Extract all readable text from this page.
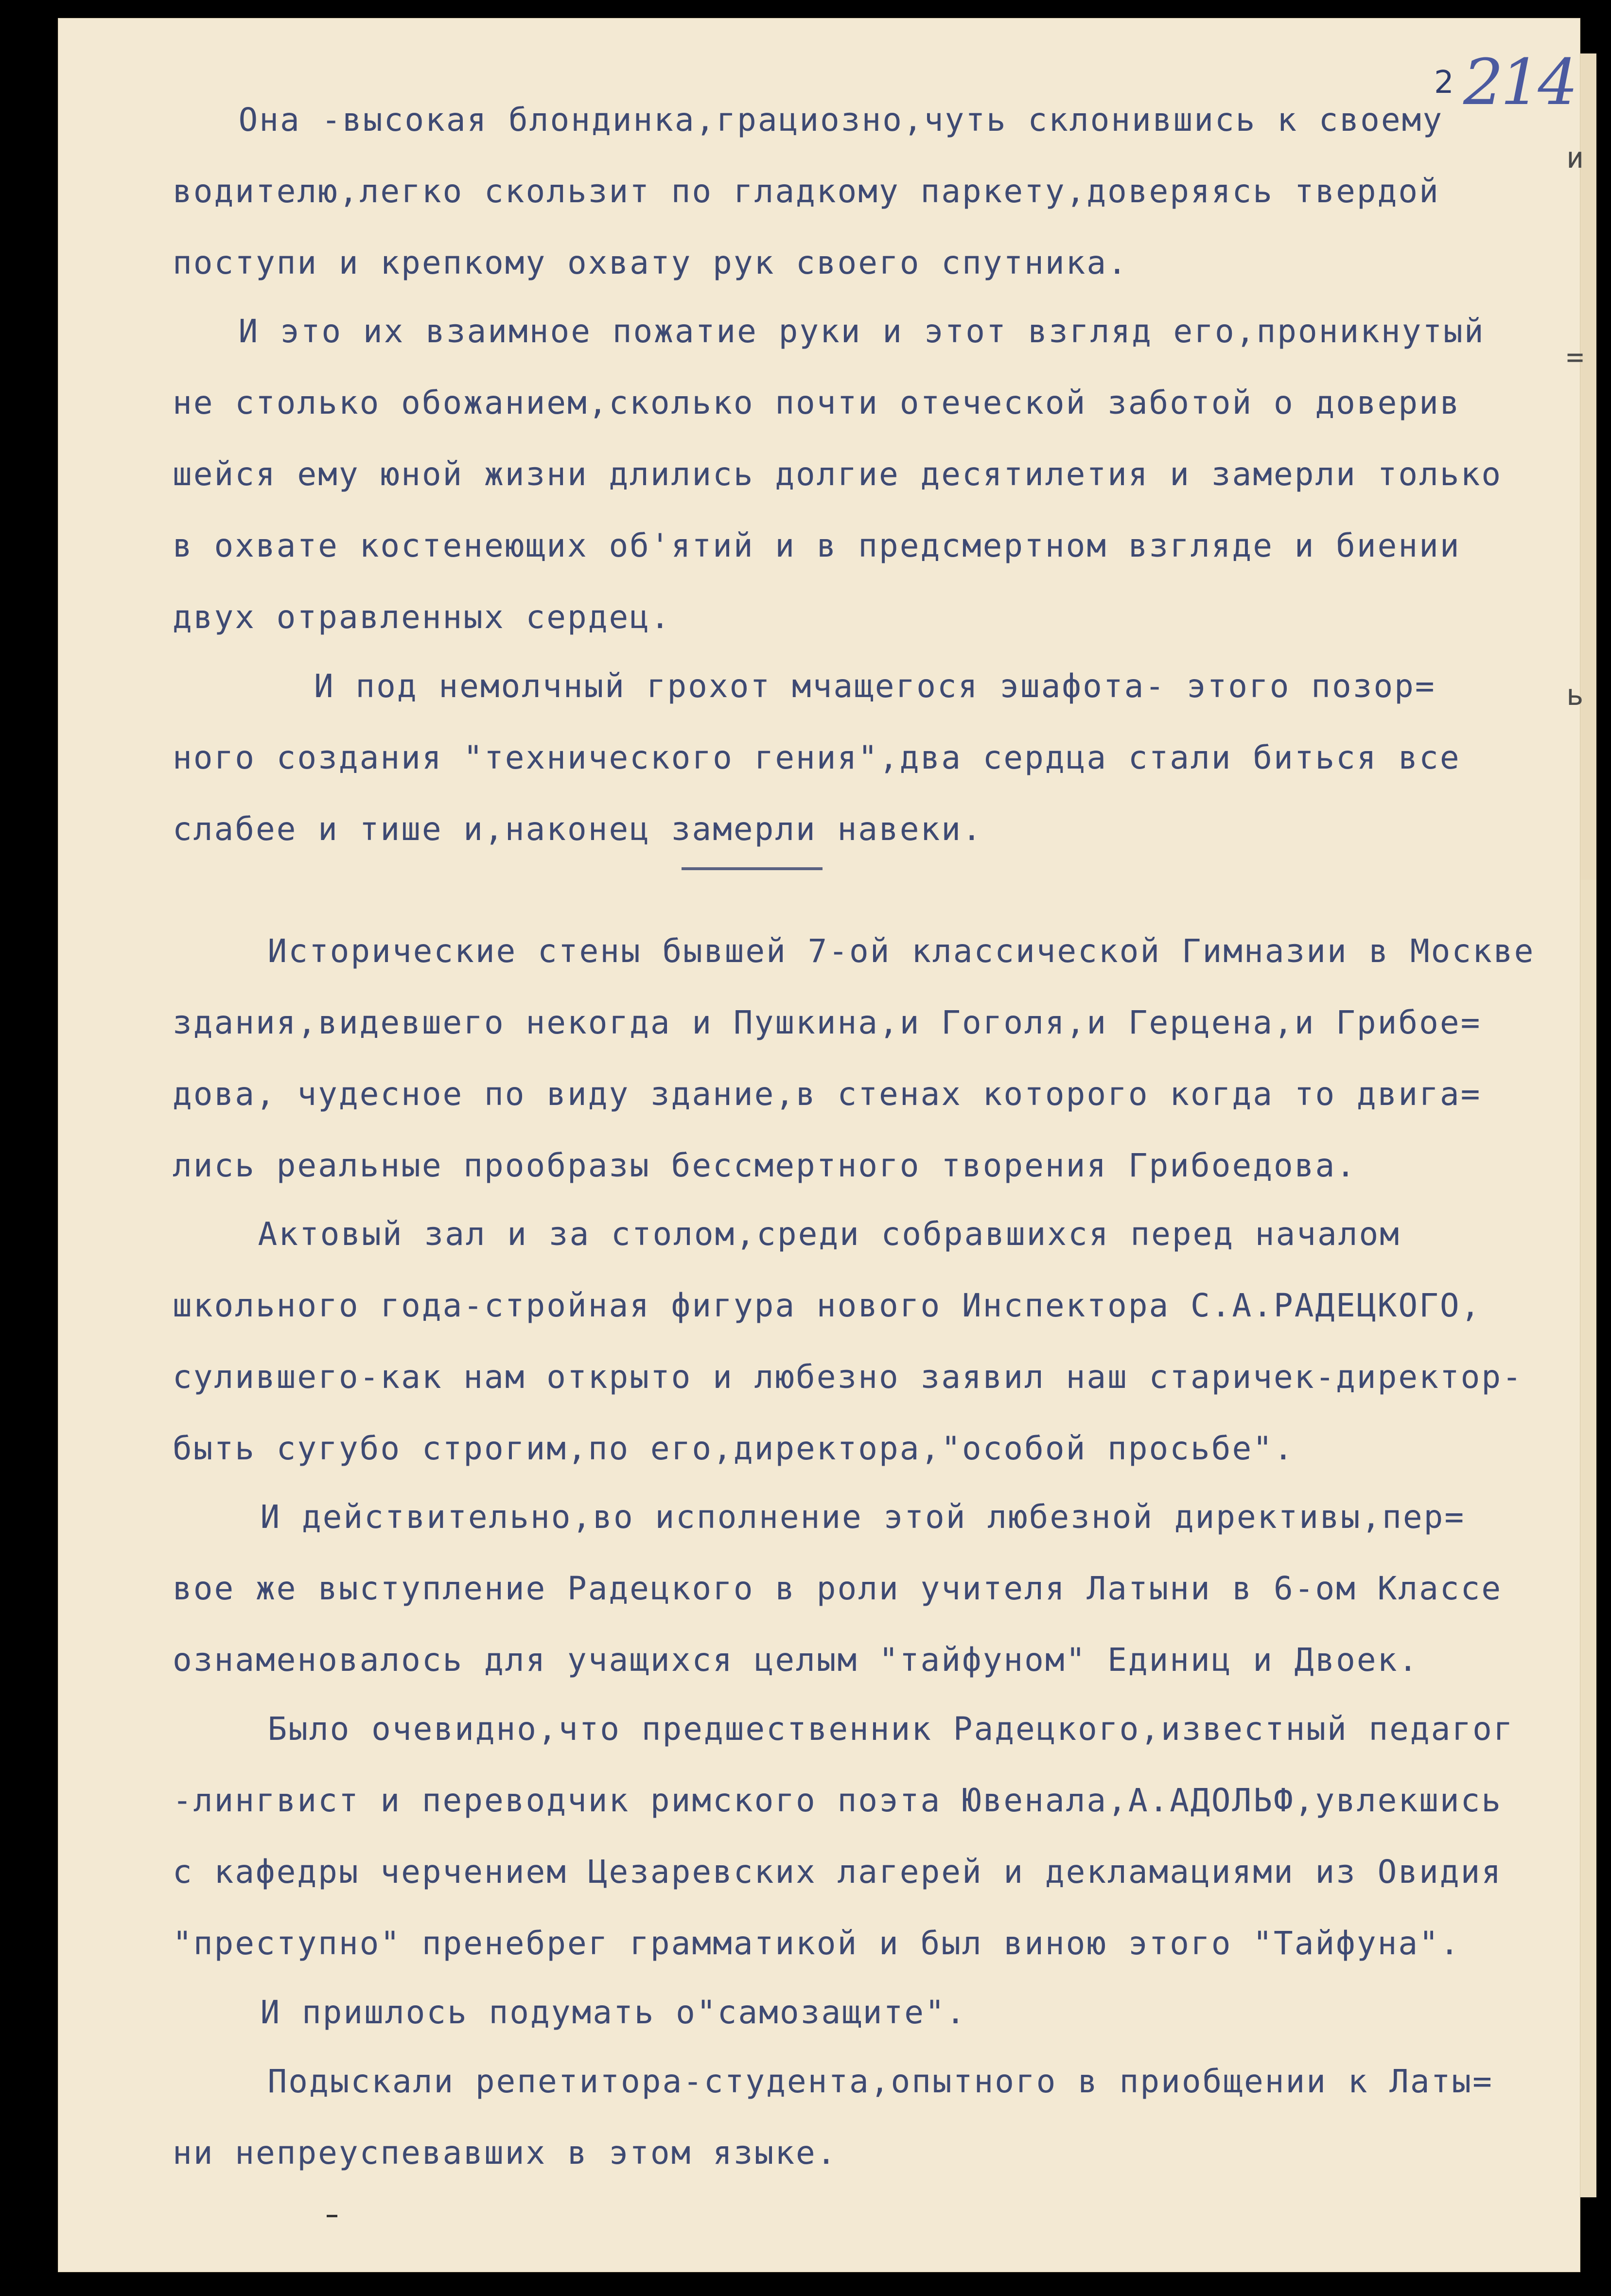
2 214
Она -высокая блондинка,грациозно,чуть склонившись к своему
водителю,легко скользит по гладкому паркету,доверяясь твердой
поступи и крепкому охвату рук своего спутника.
И это их взаимное пожатие руки и этот взгляд его,проникнутый
не столько обожанием,сколько почти отеческой заботой о доверив
шейся ему юной жизни длились долгие десятилетия и замерли только
в охвате костенеющих об'ятий и в предсмертном взгляде и биении
двух отравленных сердец.
И под немолчный грохот мчащегося эшафота- этого позор=
ного создания "технического гения",два сердца стали биться все
слабее и тише и,наконец замерли навеки.
Исторические стены бывшей 7-ой классической Гимназии в Москве
здания,видевшего некогда и Пушкина,и Гоголя,и Герцена,и Грибое=
дова, чудесное по виду здание,в стенах которого когда то двига=
лись реальные прообразы бессмертного творения Грибоедова.
Актовый зал и за столом,среди собравшихся перед началом
школьного года-стройная фигура нового Инспектора С.А.РАДЕЦКОГО,
сулившего-как нам открыто и любезно заявил наш старичек-директор-
быть сугубо строгим,по его,директора,"особой просьбе".
И действительно,во исполнение этой любезной директивы,пер=
вое же выступление Радецкого в роли учителя Латыни в 6-ом Классе
ознаменовалось для учащихся целым "тайфуном" Единиц и Двоек.
Было очевидно,что предшественник Радецкого,известный педагог
-лингвист и переводчик римского поэта Ювенала,А.АДОЛЬФ,увлекшись
с кафедры черчением Цезаревских лагерей и декламациями из Овидия
"преступно" пренебрег грамматикой и был виною этого "Тайфуна".
И пришлось подумать о"самозащите".
Подыскали репетитора-студента,опытного в приобщении к Латы=
ни непреуспевавших в этом языке.
и
=
ь
